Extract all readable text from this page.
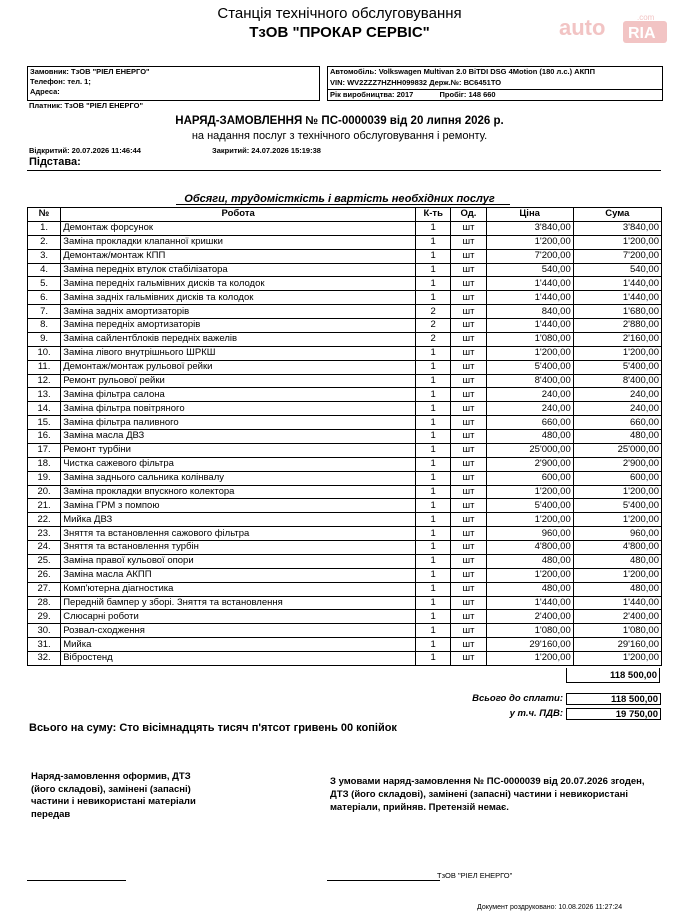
Станція технічного обслуговування
ТзОВ "ПРОКАР СЕРВІС"	auto RIA
.com
Замовник: ТзОВ "РІЕЛ ЕНЕРГО"
Телефон: тел. 1;
Адреса:
Автомобіль: Volkswagen Multivan 2.0 BiTDI DSG 4Motion (180 л.с.) АКПП
VIN: WV2ZZZ7HZHH099832 Держ.№: ВС6451ТО
Рік виробництва: 2017	Пробіг: 148 660
Платник: ТзОВ "РІЕЛ ЕНЕРГО"
НАРЯД-ЗАМОВЛЕННЯ № ПС-0000039 від 20 липня 2026 р.
на надання послуг з технічного обслуговування і ремонту.
Відкритий: 20.07.2026 11:46:44	Закритий: 24.07.2026 15:19:38
Підстава:
Обсяги, трудомісткість і вартість необхідних послуг
№	Робота	К-ть	Од.	Ціна	Сума
1.	Демонтаж форсунок	1	шт	3'840,00	3'840,00
2.	Заміна прокладки клапанної кришки	1	шт	1'200,00	1'200,00
3.	Демонтаж/монтаж КПП	1	шт	7'200,00	7'200,00
4.	Заміна передніх втулок стабілізатора	1	шт	540,00	540,00
5.	Заміна передніх гальмівних дисків та колодок	1	шт	1'440,00	1'440,00
6.	Заміна задніх гальмівних дисків та колодок	1	шт	1'440,00	1'440,00
7.	Заміна задніх амортизаторів	2	шт	840,00	1'680,00
8.	Заміна передніх амортизаторів	2	шт	1'440,00	2'880,00
9.	Заміна сайлентблоків передніх важелів	2	шт	1'080,00	2'160,00
10.	Заміна лівого внутрішнього ШРКШ	1	шт	1'200,00	1'200,00
11.	Демонтаж/монтаж рульової рейки	1	шт	5'400,00	5'400,00
12.	Ремонт рульової рейки	1	шт	8'400,00	8'400,00
13.	Заміна фільтра салона	1	шт	240,00	240,00
14.	Заміна фільтра повітряного	1	шт	240,00	240,00
15.	Заміна фільтра паливного	1	шт	660,00	660,00
16.	Заміна масла ДВЗ	1	шт	480,00	480,00
17.	Ремонт турбіни	1	шт	25'000,00	25'000,00
18.	Чистка сажевого фільтра	1	шт	2'900,00	2'900,00
19.	Заміна заднього сальника колінвалу	1	шт	600,00	600,00
20.	Заміна прокладки впускного колектора	1	шт	1'200,00	1'200,00
21.	Заміна ГРМ з помпою	1	шт	5'400,00	5'400,00
22.	Мийка ДВЗ	1	шт	1'200,00	1'200,00
23.	Зняття та встановлення сажового фільтра	1	шт	960,00	960,00
24.	Зняття та встановлення турбін	1	шт	4'800,00	4'800,00
25.	Заміна правої кульової опори	1	шт	480,00	480,00
26.	Заміна масла АКПП	1	шт	1'200,00	1'200,00
27.	Комп'ютерна діагностика	1	шт	480,00	480,00
28.	Передній бампер у зборі. Зняття та встановлення	1	шт	1'440,00	1'440,00
29.	Слюсарні роботи	1	шт	2'400,00	2'400,00
30.	Розвал-сходження	1	шт	1'080,00	1'080,00
31.	Мийка	1	шт	29'160,00	29'160,00
32.	Вібростенд	1	шт	1'200,00	1'200,00
118 500,00
Всього до сплати:	118 500,00
у т.ч. ПДВ:	19 750,00
Всього на суму: Сто вісімнадцять тисяч п'ятсот гривень 00 копійок
Наряд-замовлення оформив, ДТЗ (його складові), замінені (запасні) частини і невикористані матеріали передав
З умовами наряд-замовлення № ПС-0000039 від 20.07.2026 згоден, ДТЗ (його складові), замінені (запасні) частини і невикористані матеріали, прийняв. Претензій немає.
ТзОВ "РІЕЛ ЕНЕРГО"
Документ роздруковано: 10.08.2026 11:27:24
